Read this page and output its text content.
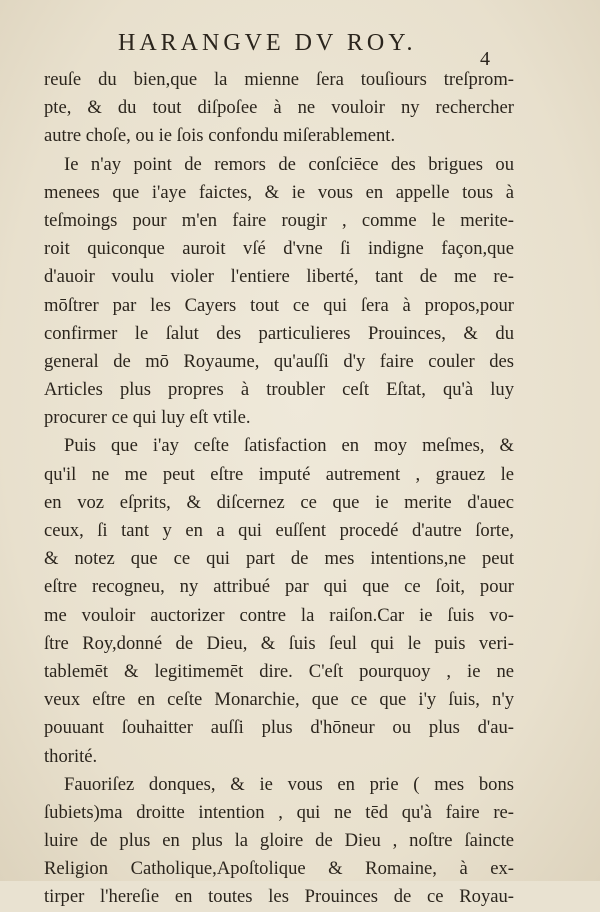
HARANGVE DV ROY.
4
reuſe du bien,que la mienne ſera touſiours treſprom-
pte, & du tout diſpoſee à ne vouloir ny rechercher
autre choſe, ou ie ſois confondu miſerablement.
Ie n'ay point de remors de conſciēce des brigues ou
menees que i'aye faictes, & ie vous en appelle tous à
teſmoings pour m'en faire rougir , comme le merite-
roit quiconque auroit vſé d'vne ſi indigne façon,que
d'auoir voulu violer l'entiere liberté, tant de me re-
mōſtrer par les Cayers tout ce qui ſera à propos,pour
confirmer le ſalut des particulieres Prouinces, & du
general de mō Royaume, qu'auſſi d'y faire couler des
Articles plus propres à troubler ceſt Eſtat, qu'à luy
procurer ce qui luy eſt vtile.
Puis que i'ay ceſte ſatisfaction en moy meſmes, &
qu'il ne me peut eſtre imputé autrement , grauez le
en voz eſprits, & diſcernez ce que ie merite d'auec
ceux, ſi tant y en a qui euſſent procedé d'autre ſorte,
& notez que ce qui part de mes intentions,ne peut
eſtre recogneu, ny attribué par qui que ce ſoit, pour
me vouloir auctorizer contre la raiſon.Car ie ſuis vo-
ſtre Roy,donné de Dieu, & ſuis ſeul qui le puis veri-
tablemēt & legitimemēt dire. C'eſt pourquoy , ie ne
veux eſtre en ceſte Monarchie, que ce que i'y ſuis, n'y
pouuant ſouhaitter auſſi plus d'hōneur ou plus d'au-
thorité.
Fauoriſez donques, & ie vous en prie ( mes bons
ſubiets)ma droitte intention , qui ne tēd qu'à faire re-
luire de plus en plus la gloire de Dieu , noſtre ſaincte
Religion Catholique,Apoſtolique & Romaine, à ex-
tirper l'hereſie en toutes les Prouinces de ce Royau-
